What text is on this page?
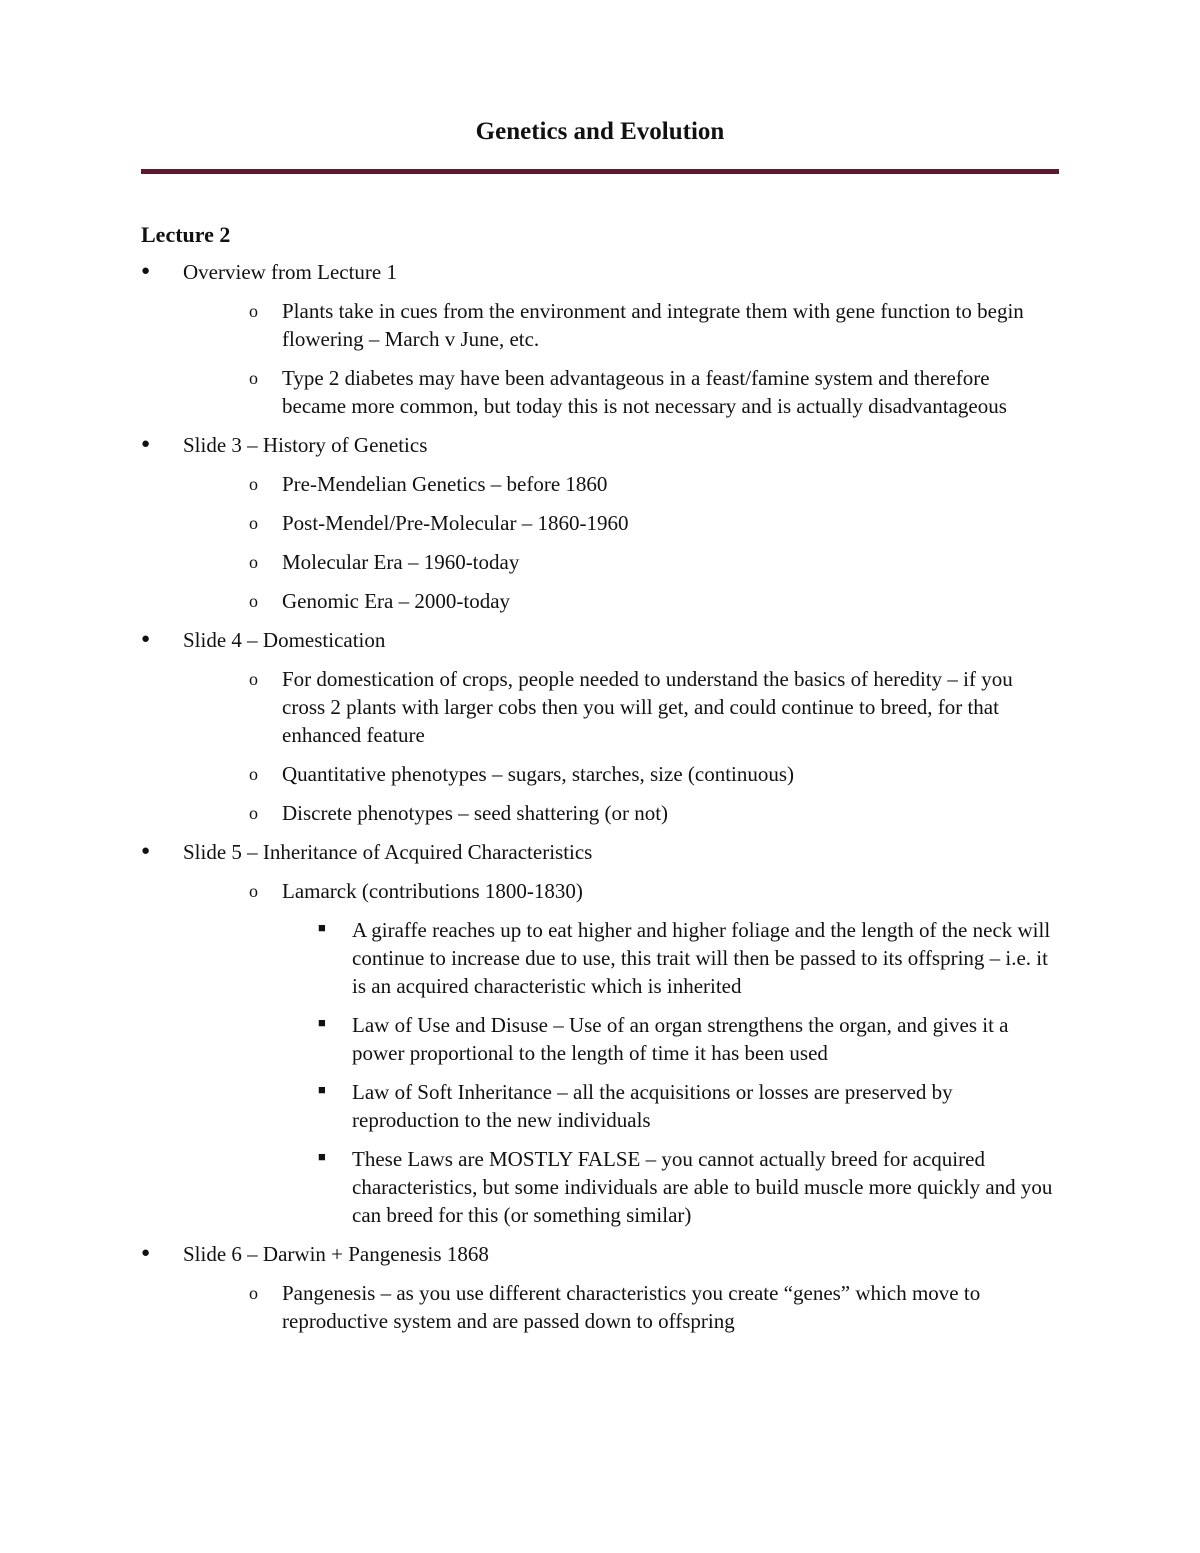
Genetics and Evolution
Lecture 2
● Overview from Lecture 1
o Plants take in cues from the environment and integrate them with gene function to begin flowering – March v June, etc.
o Type 2 diabetes may have been advantageous in a feast/famine system and therefore became more common, but today this is not necessary and is actually disadvantageous
● Slide 3 – History of Genetics
o Pre-Mendelian Genetics – before 1860
o Post-Mendel/Pre-Molecular – 1860-1960
o Molecular Era – 1960-today
o Genomic Era – 2000-today
● Slide 4 – Domestication
o For domestication of crops, people needed to understand the basics of heredity – if you cross 2 plants with larger cobs then you will get, and could continue to breed, for that enhanced feature
o Quantitative phenotypes – sugars, starches, size (continuous)
o Discrete phenotypes – seed shattering (or not)
● Slide 5 – Inheritance of Acquired Characteristics
o Lamarck (contributions 1800-1830)
■ A giraffe reaches up to eat higher and higher foliage and the length of the neck will continue to increase due to use, this trait will then be passed to its offspring – i.e. it is an acquired characteristic which is inherited
■ Law of Use and Disuse – Use of an organ strengthens the organ, and gives it a power proportional to the length of time it has been used
■ Law of Soft Inheritance – all the acquisitions or losses are preserved by reproduction to the new individuals
■ These Laws are MOSTLY FALSE – you cannot actually breed for acquired characteristics, but some individuals are able to build muscle more quickly and you can breed for this (or something similar)
● Slide 6 – Darwin + Pangenesis 1868
o Pangenesis – as you use different characteristics you create “genes” which move to reproductive system and are passed down to offspring
